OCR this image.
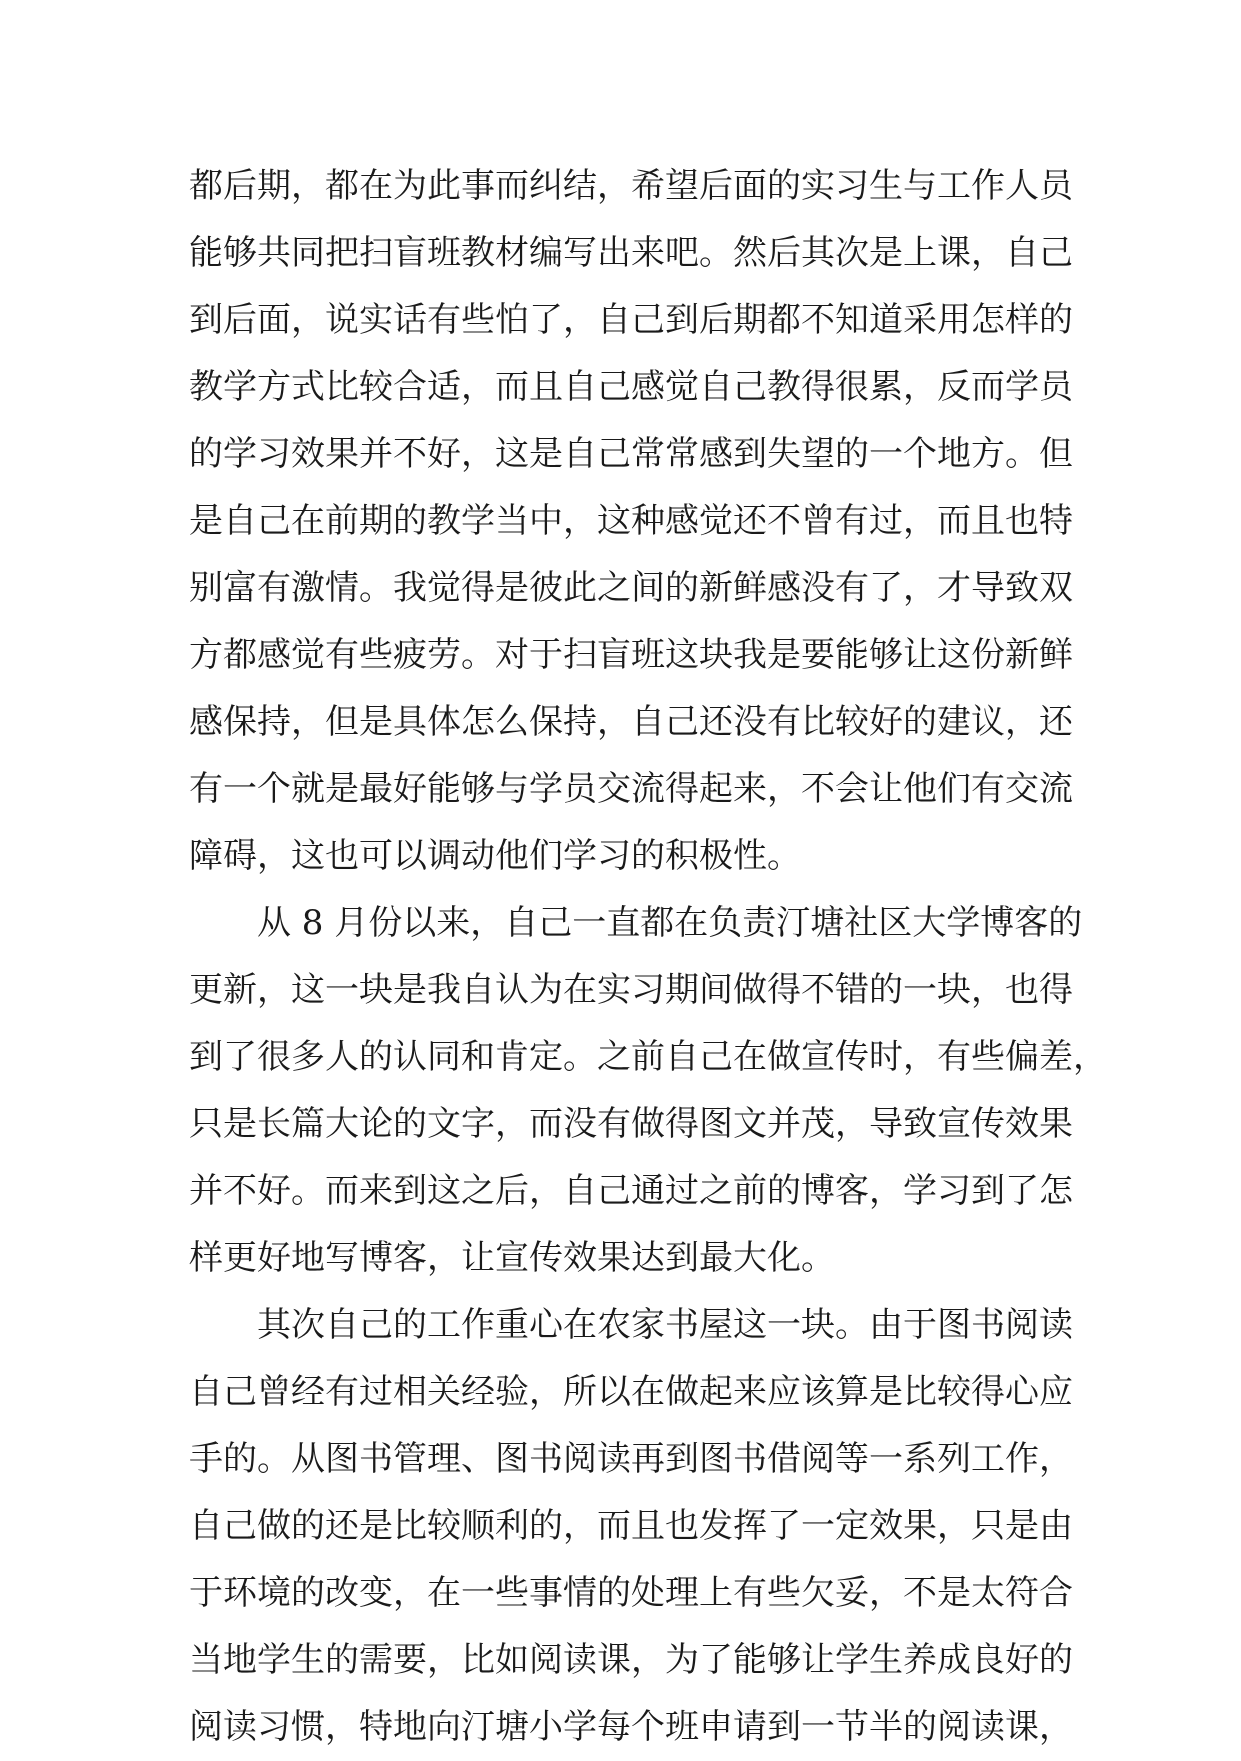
都后期，都在为此事而纠结，希望后面的实习生与工作人员
能够共同把扫盲班教材编写出来吧。然后其次是上课，自己
到后面，说实话有些怕了，自己到后期都不知道采用怎样的
教学方式比较合适，而且自己感觉自己教得很累，反而学员
的学习效果并不好，这是自己常常感到失望的一个地方。但
是自己在前期的教学当中，这种感觉还不曾有过，而且也特
别富有激情。我觉得是彼此之间的新鲜感没有了，才导致双
方都感觉有些疲劳。对于扫盲班这块我是要能够让这份新鲜
感保持，但是具体怎么保持，自己还没有比较好的建议，还
有一个就是最好能够与学员交流得起来，不会让他们有交流
障碍，这也可以调动他们学习的积极性。
从 8 月份以来，自己一直都在负责汀塘社区大学博客的
更新，这一块是我自认为在实习期间做得不错的一块，也得
到了很多人的认同和肯定。之前自己在做宣传时，有些偏差，
只是长篇大论的文字，而没有做得图文并茂，导致宣传效果
并不好。而来到这之后，自己通过之前的博客，学习到了怎
样更好地写博客，让宣传效果达到最大化。
其次自己的工作重心在农家书屋这一块。由于图书阅读
自己曾经有过相关经验，所以在做起来应该算是比较得心应
手的。从图书管理、图书阅读再到图书借阅等一系列工作，
自己做的还是比较顺利的，而且也发挥了一定效果，只是由
于环境的改变，在一些事情的处理上有些欠妥，不是太符合
当地学生的需要，比如阅读课，为了能够让学生养成良好的
阅读习惯，特地向汀塘小学每个班申请到一节半的阅读课，
